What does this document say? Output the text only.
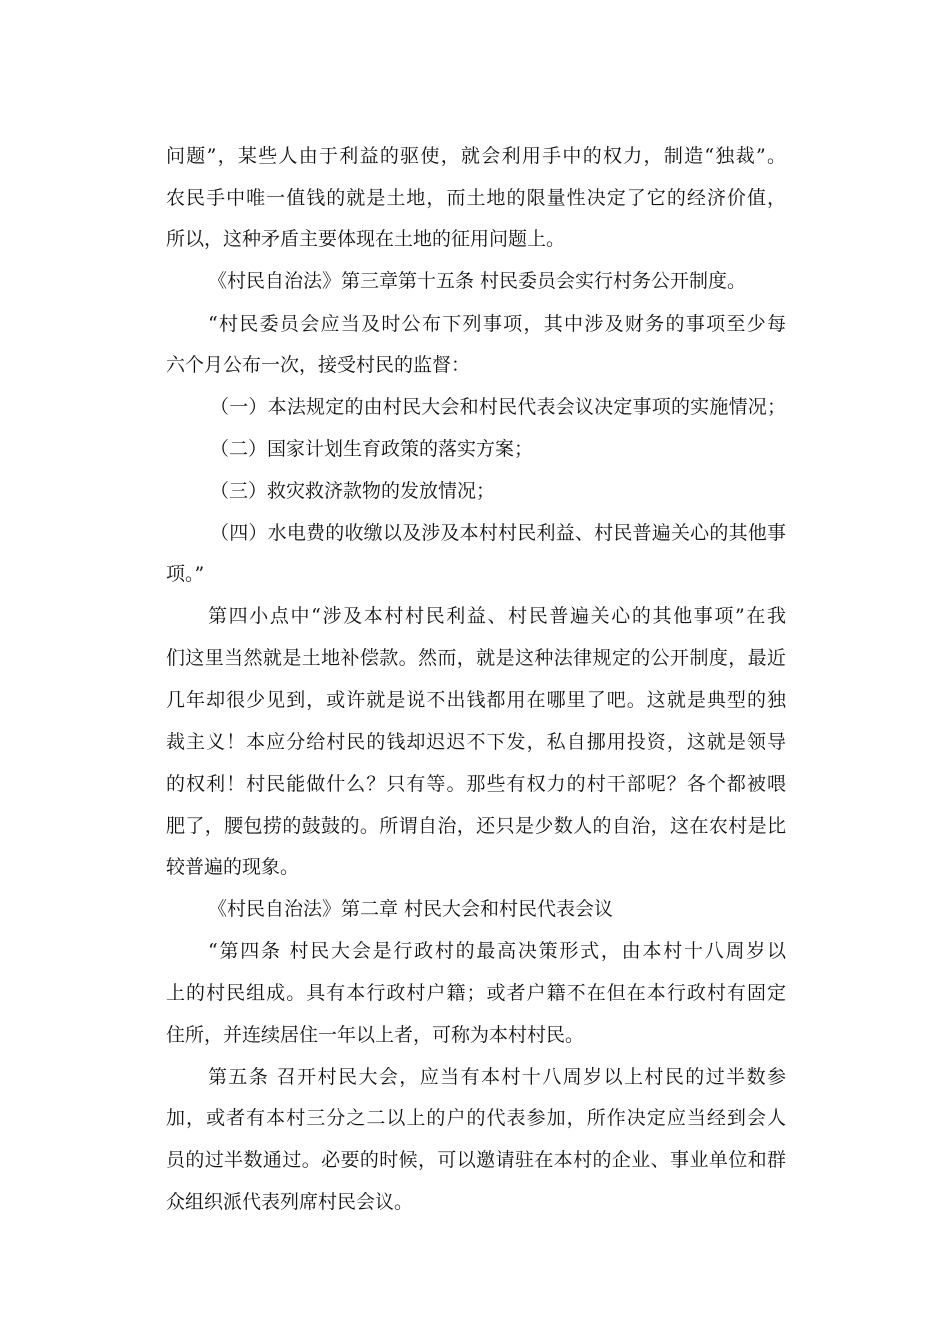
问题”，某些人由于利益的驱使，就会利用手中的权力，制造“独裁”。
农民手中唯一值钱的就是土地，而土地的限量性决定了它的经济价值，
所以，这种矛盾主要体现在土地的征用问题上。
《村民自治法》第三章第十五条 村民委员会实行村务公开制度。
“村民委员会应当及时公布下列事项，其中涉及财务的事项至少每
六个月公布一次，接受村民的监督：
（一）本法规定的由村民大会和村民代表会议决定事项的实施情况；
（二）国家计划生育政策的落实方案；
（三）救灾救济款物的发放情况；
（四）水电费的收缴以及涉及本村村民利益、村民普遍关心的其他事
项。”
第四小点中“涉及本村村民利益、村民普遍关心的其他事项”在我
们这里当然就是土地补偿款。然而，就是这种法律规定的公开制度，最近
几年却很少见到，或许就是说不出钱都用在哪里了吧。这就是典型的独
裁主义！本应分给村民的钱却迟迟不下发，私自挪用投资，这就是领导
的权利！村民能做什么？只有等。那些有权力的村干部呢？各个都被喂
肥了，腰包捞的鼓鼓的。所谓自治，还只是少数人的自治，这在农村是比
较普遍的现象。
《村民自治法》第二章 村民大会和村民代表会议
“第四条 村民大会是行政村的最高决策形式，由本村十八周岁以
上的村民组成。具有本行政村户籍；或者户籍不在但在本行政村有固定
住所，并连续居住一年以上者，可称为本村村民。
第五条 召开村民大会，应当有本村十八周岁以上村民的过半数参
加，或者有本村三分之二以上的户的代表参加，所作决定应当经到会人
员的过半数通过。必要的时候，可以邀请驻在本村的企业、事业单位和群
众组织派代表列席村民会议。
